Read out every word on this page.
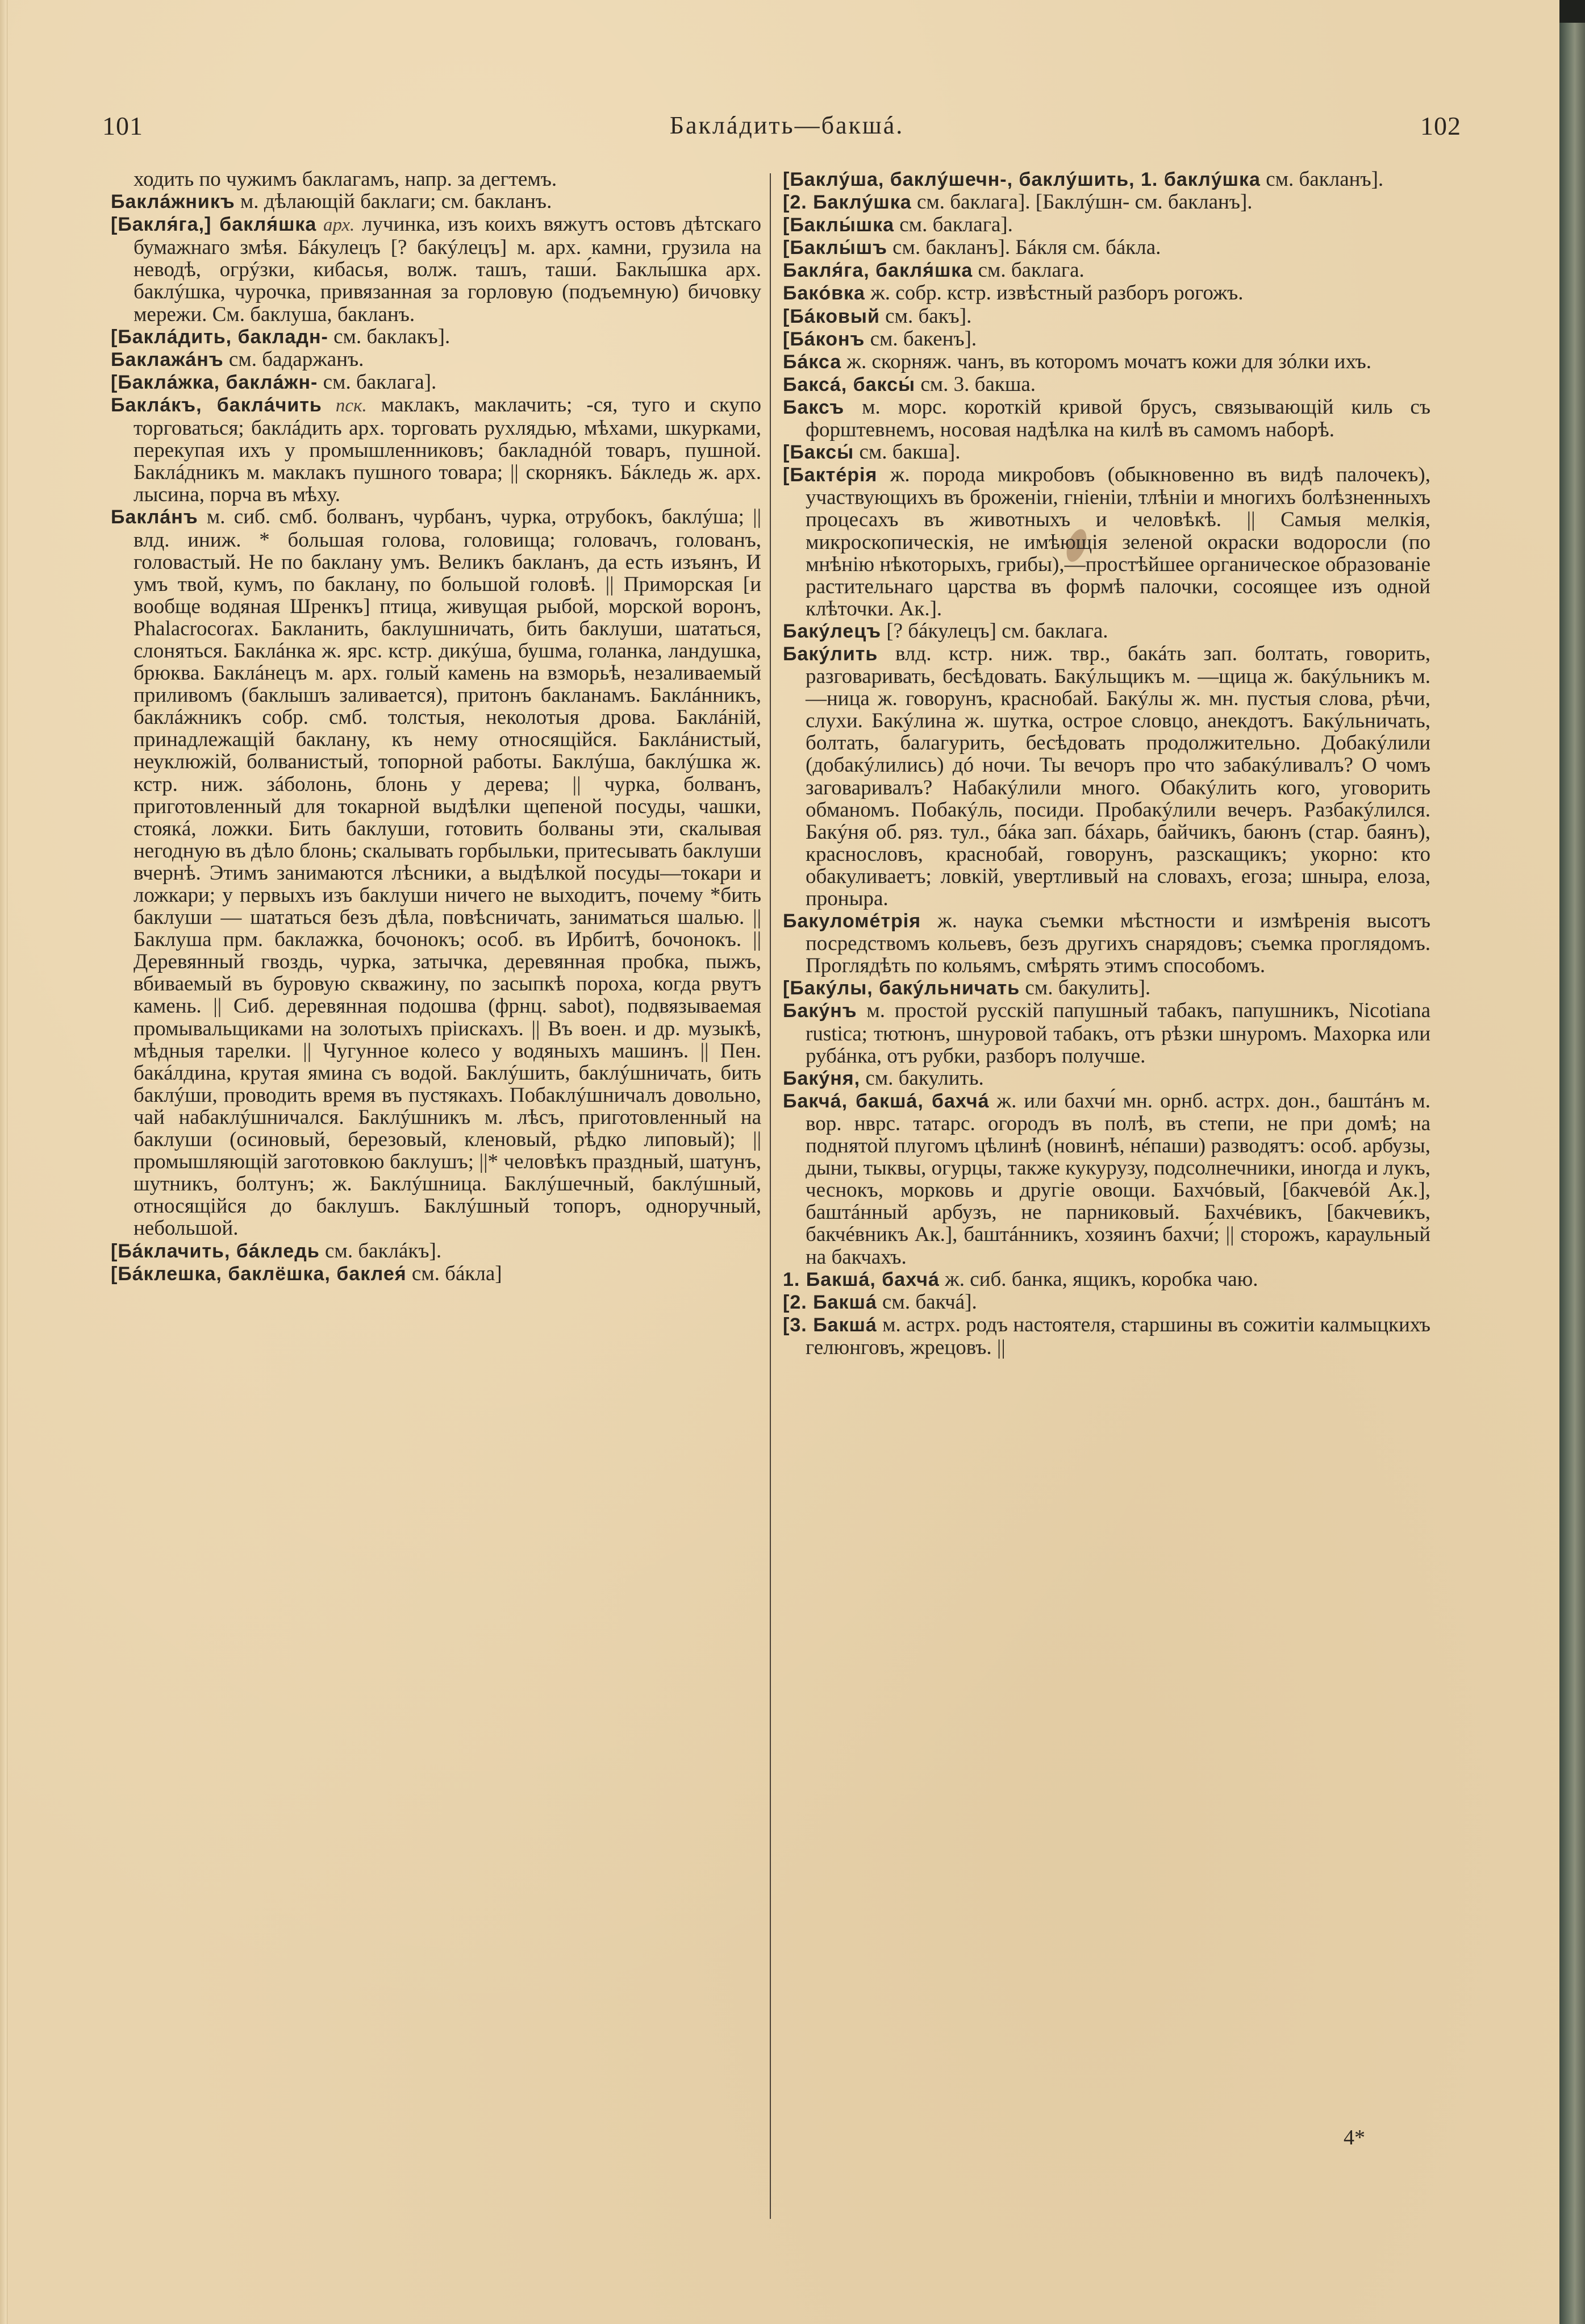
101	Баклáдить—бакшá.	102

ходить по чужимъ баклагамъ, напр. за дегтемъ.

Баклáжникъ м. дѣлающій баклаги; см. бакланъ.

[Бакля́га,] бакля́шка арх. лучинка, изъ коихъ вяжутъ остовъ дѣтскаго бумажнаго змѣя. Бáкулецъ [? бакýлецъ] м. арх. камни, грузила на неводѣ, огрýзки, кибасья, волж. ташъ, таши́. Баклы́шка арх. баклýшка, чурочка, привязанная за горловую (подъемную) бичовку мережи. См. баклуша, бакланъ.

[Баклáдить, бакладн- см. баклакъ].

Баклажáнъ см. бадаржанъ.

[Баклáжка, баклáжн- см. баклага].

Баклáкъ, баклáчить пск. маклакъ, маклачить; -ся, туго и скупо торговаться; баклáдить арх. торговать рухлядью, мѣхами, шкурками, перекупая ихъ у промышленниковъ; бакладнóй товаръ, пушной. Баклáдникъ м. маклакъ пушного товара; || скорнякъ. Бáкледь ж. арх. лысина, порча въ мѣху.

Баклáнъ м. сиб. смб. болванъ, чурбанъ, чурка, отрубокъ, баклýша; || влд. иниж. * большая голова, головища; головачъ, голованъ, головастый. Не по баклану умъ. Великъ бакланъ, да есть изъянъ, И умъ твой, кумъ, по баклану, по большой головѣ. || Приморская [и вообще водяная Шренкъ] птица, живущая рыбой, морской воронъ, Phalacrocorax. Бакланить, баклушничать, бить баклуши, шататься, слоняться. Баклáнка ж. ярс. кстр. дикýша, бушма, голанка, ландушка, брюква. Баклáнецъ м. арх. голый камень на взморьѣ, незаливаемый приливомъ (баклышъ заливается), притонъ бакланамъ. Баклáнникъ, баклáжникъ собр. смб. толстыя, неколотыя дрова. Баклáній, принадлежащій баклану, къ нему относящійся. Баклáнистый, неуклюжій, болванистый, топорной работы. Баклýша, баклýшка ж. кстр. ниж. зáболонь, блонь у дерева; || чурка, болванъ, приготовленный для токарной выдѣлки щепеной посуды, чашки, стоякá, ложки. Бить баклуши, готовить болваны эти, скалывая негодную въ дѣло блонь; скалывать горбыльки, притесывать баклуши вчернѣ. Этимъ занимаются лѣсники, а выдѣлкой посуды—токари и ложкари; у первыхъ изъ баклуши ничего не выходитъ, почему *бить баклуши — шататься безъ дѣла, повѣсничать, заниматься шалью. || Баклуша прм. баклажка, бочонокъ; особ. въ Ирбитѣ, бочонокъ. || Деревянный гвоздь, чурка, затычка, деревянная пробка, пыжъ, вбиваемый въ буровую скважину, по засыпкѣ пороха, когда рвутъ камень. || Сиб. деревянная подошва (фрнц. sabot), подвязываемая промывальщиками на золотыхъ пріискахъ. || Въ воен. и др. музыкѣ, мѣдныя тарелки. || Чугунное колесо у водяныхъ машинъ. || Пен. бакáлдина, крутая ямина съ водой. Баклýшить, баклýшничать, бить баклýши, проводить время въ пустякахъ. Побаклýшничалъ довольно, чай набаклýшничался. Баклýшникъ м. лѣсъ, приготовленный на баклуши (осиновый, березовый, кленовый, рѣдко липовый); || промышляющій заготовкою баклушъ; ||* человѣкъ праздный, шатунъ, шутникъ, болтунъ; ж. Баклýшница. Баклýшечный, баклýшный, относящійся до баклушъ. Баклýшный топоръ, одноручный, небольшой.

[Бáклачить, бáкледь см. баклáкъ].

[Бáклешка, баклёшка, баклея́ см. бáкла]

[Баклýша, баклýшечн-, баклýшить, 1. баклýшка см. бакланъ].

[2. Баклýшка см. баклага]. [Баклýшн- см. бакланъ].

[Баклы́шка см. баклага].

[Баклы́шъ см. бакланъ]. Бáкля см. бáкла.

Бакля́га, бакля́шка см. баклага.

Бакóвка ж. собр. кстр. извѣстный разборъ рогожъ.

[Бáковый см. бакъ].

[Бáконъ см. бакенъ].

Бáкса ж. скорняж. чанъ, въ которомъ мочатъ кожи для зóлки ихъ.

Баксá, баксы́ см. 3. бакша.

Баксъ м. морс. короткій кривой брусъ, связывающій киль съ форштевнемъ, носовая надѣлка на килѣ въ самомъ наборѣ.

[Баксы́ см. бакша].

[Бактéрія ж. порода микробовъ (обыкновенно въ видѣ палочекъ), участвующихъ въ броженіи, гніеніи, тлѣніи и многихъ болѣзненныхъ процесахъ въ животныхъ и человѣкѣ. || Самыя мелкія, микроскопическія, не имѣющія зеленой окраски водоросли (по мнѣнію нѣкоторыхъ, грибы),—простѣйшее органическое образованіе растительнаго царства въ формѣ палочки, сосоящее изъ одной клѣточки. Ак.].

Бакýлецъ [? бáкулецъ] см. баклага.

Бакýлить влд. кстр. ниж. твр., бакáть зап. болтать, говорить, разговаривать, бесѣдовать. Бакýльщикъ м. —щица ж. бакýльникъ м. —ница ж. говорунъ, краснобай. Бакýлы ж. мн. пустыя слова, рѣчи, слухи. Бакýлина ж. шутка, острое словцо, анекдотъ. Бакýльничать, болтать, балагурить, бесѣдовать продолжительно. Добакýлили (добакýлились) дó ночи. Ты вечоръ про что забакýливалъ? О чомъ заговаривалъ? Набакýлили много. Обакýлить кого, уговорить обманомъ. Побакýль, посиди. Пробакýлили вечеръ. Разбакýлился. Бакýня об. ряз. тул., бáка зап. бáхарь, байчикъ, баюнъ (стар. баянъ), краснословъ, краснобай, говорунъ, разскащикъ; укорно: кто обакуливаетъ; ловкій, увертливый на словахъ, егоза; шныра, елоза, проныра.

Бакуломéтрія ж. наука съемки мѣстности и измѣренія высотъ посредствомъ кольевъ, безъ другихъ снарядовъ; съемка проглядомъ. Проглядѣть по кольямъ, смѣрять этимъ способомъ.

[Бакýлы, бакýльничать см. бакулить].

Бакýнъ м. простой русскій папушный табакъ, папушникъ, Nicotiana rustica; тютюнъ, шнуровой табакъ, отъ рѣзки шнуромъ. Махорка или рубáнка, отъ рубки, разборъ получше.

Бакýня, см. бакулить.

Бакчá, бакшá, бахчá ж. или бахчи́ мн. орнб. астрх. дон., баштáнъ м. вор. нврс. татарс. огородъ въ полѣ, въ степи, не при домѣ; на поднятой плугомъ цѣлинѣ (новинѣ, нéпаши) разводятъ: особ. арбузы, дыни, тыквы, огурцы, также кукурузу, подсолнечники, иногда и лукъ, чеснокъ, морковь и другіе овощи. Бахчóвый, [бакчевóй Ак.], баштáнный арбузъ, не парниковый. Бахчéвикъ, [бакчеви́къ, бакчéвникъ Ак.], баштáнникъ, хозяинъ бахчи́; || сторожъ, караульный на бакчахъ.

1. Бакшá, бахчá ж. сиб. банка, ящикъ, коробка чаю.

[2. Бакшá см. бакчá].

[3. Бакшá м. астрх. родъ настоятеля, старшины въ сожитіи калмыцкихъ гелюнговъ, жрецовъ. ||

4*
